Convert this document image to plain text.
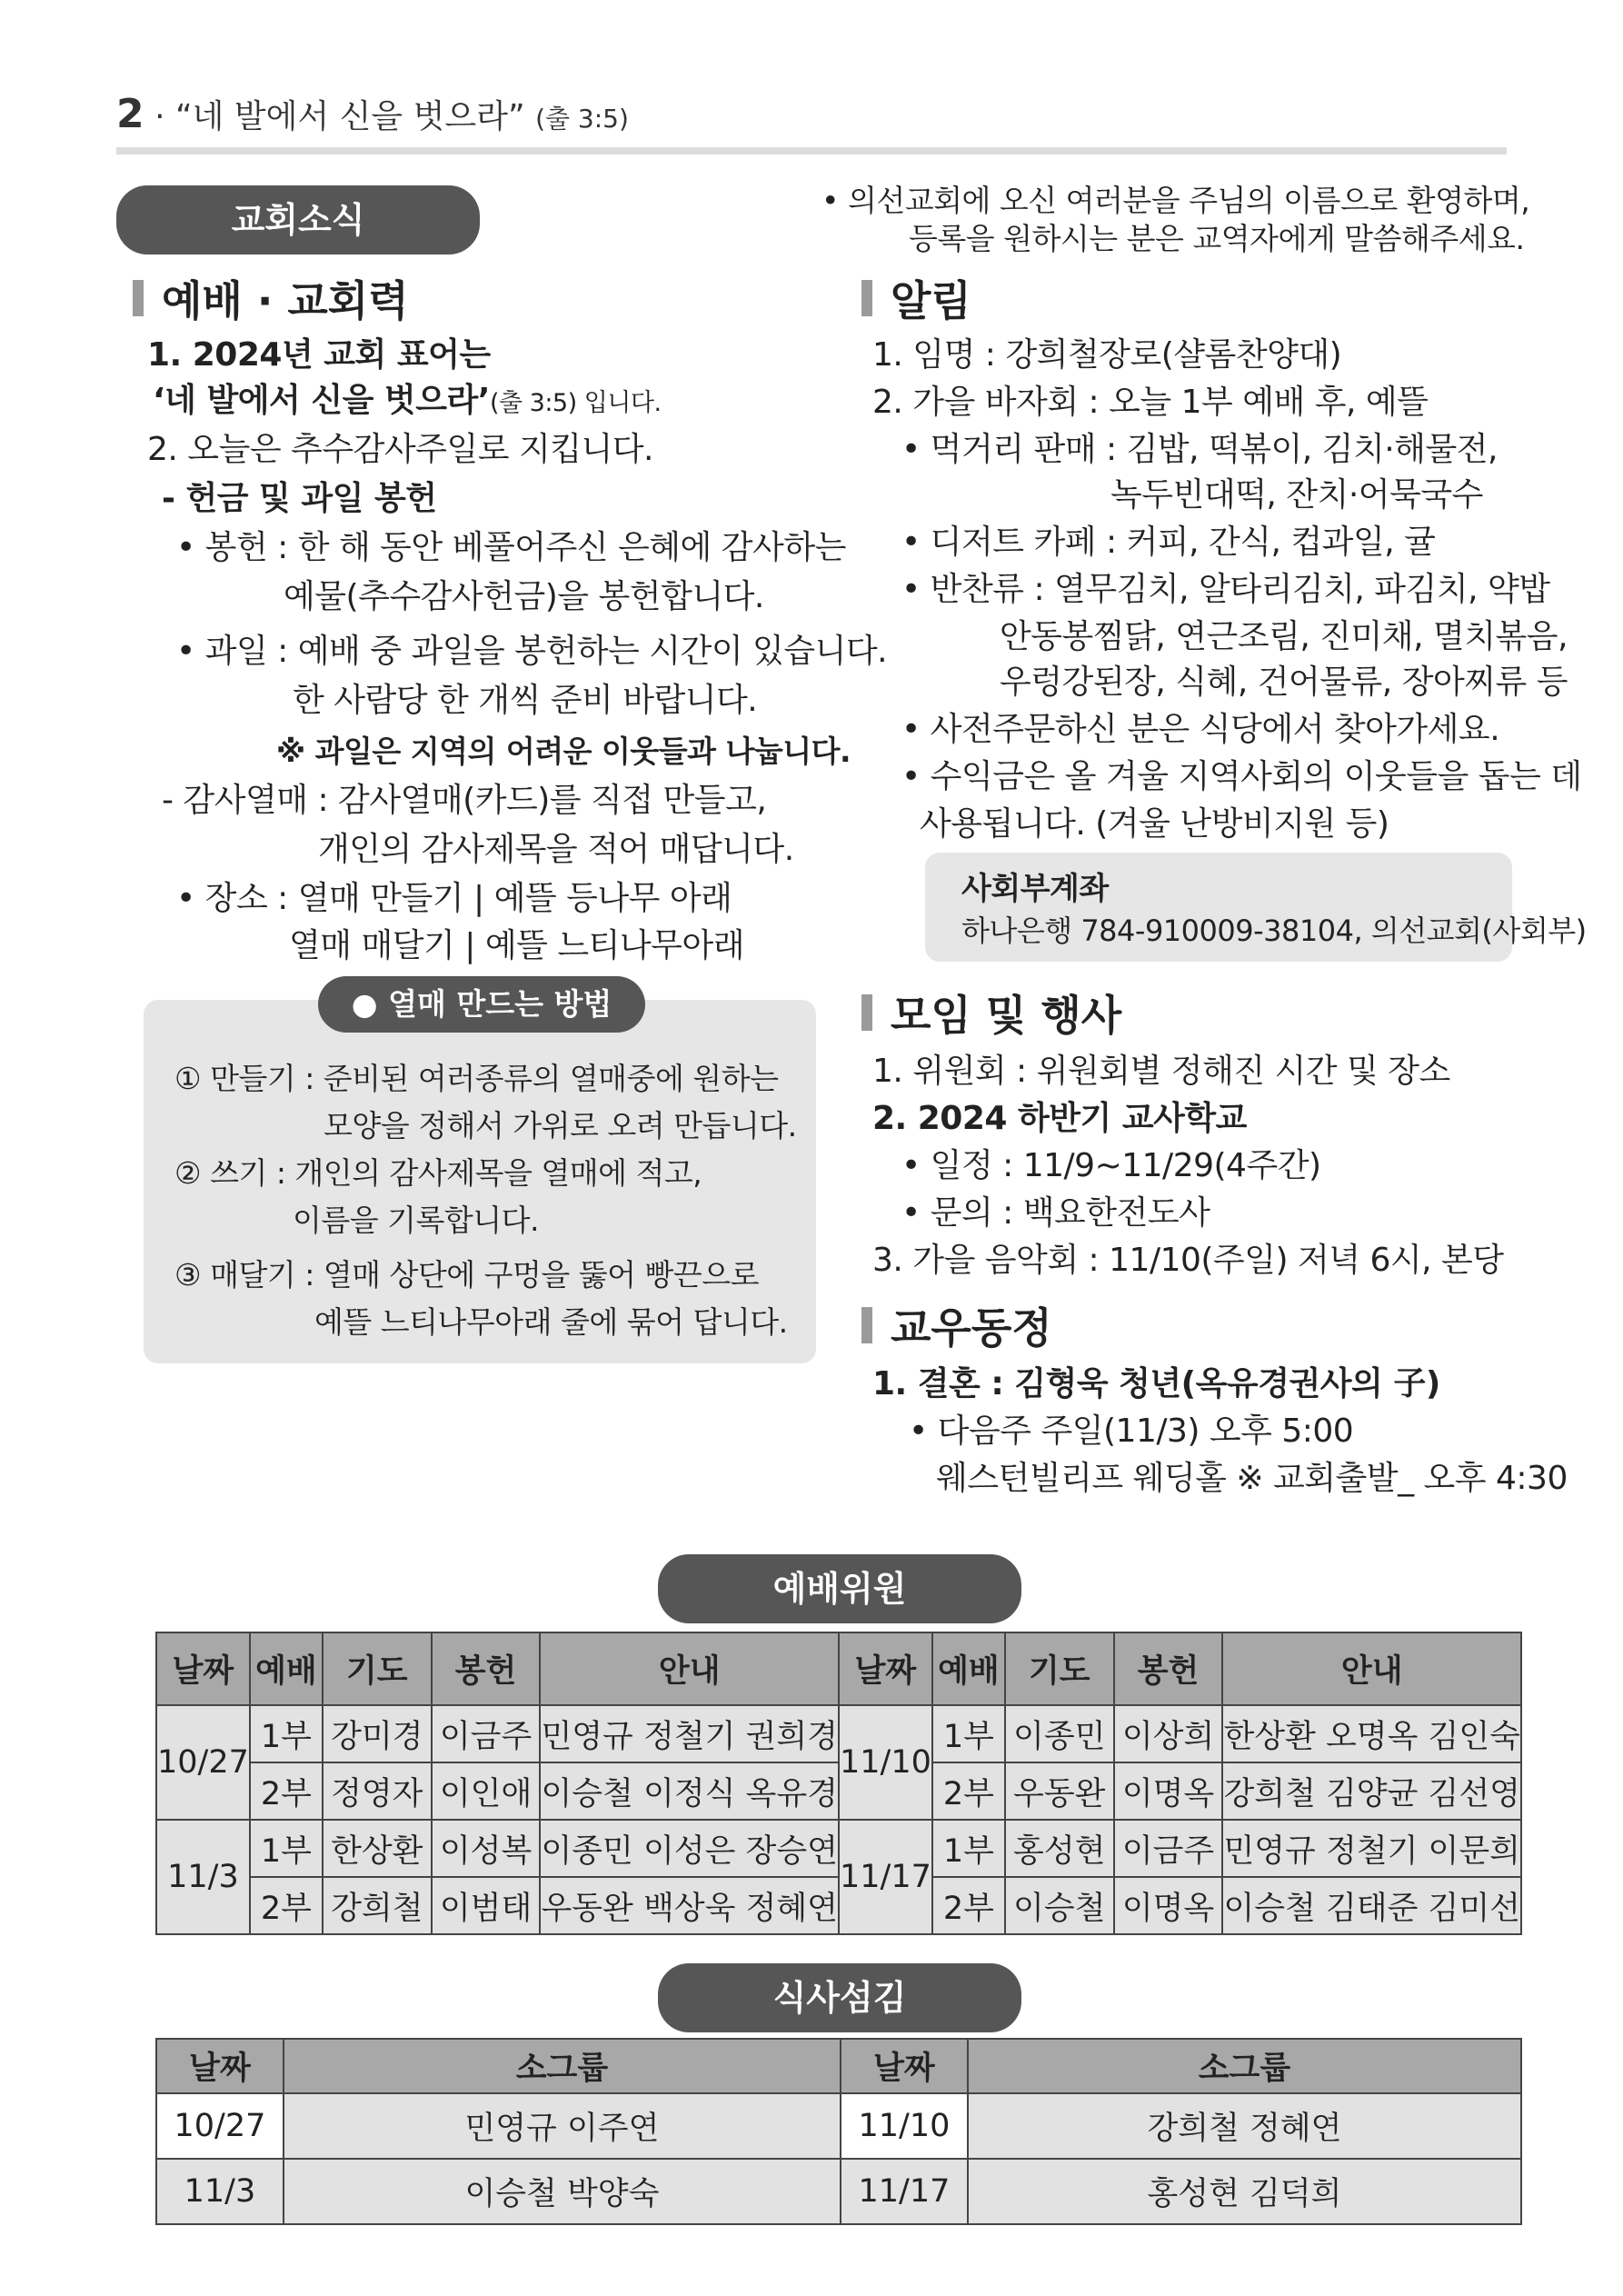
2 · “네 발에서 신을 벗으라” (출 3:5)
교회소식
예배 · 교회력
1. 2024년 교회 표어는
‘네 발에서 신을 벗으라’(출 3:5) 입니다.
2. 오늘은 추수감사주일로 지킵니다.
- 헌금 및 과일 봉헌
• 봉헌 : 한 해 동안 베풀어주신 은혜에 감사하는
예물(추수감사헌금)을 봉헌합니다.
• 과일 : 예배 중 과일을 봉헌하는 시간이 있습니다.
한 사람당 한 개씩 준비 바랍니다.
※ 과일은 지역의 어려운 이웃들과 나눕니다.
- 감사열매 : 감사열매(카드)를 직접 만들고,
개인의 감사제목을 적어 매답니다.
• 장소 : 열매 만들기 | 예뜰 등나무 아래
열매 매달기 | 예뜰 느티나무아래
● 열매 만드는 방법
① 만들기 : 준비된 여러종류의 열매중에 원하는
모양을 정해서 가위로 오려 만듭니다.
② 쓰기 : 개인의 감사제목을 열매에 적고,
이름을 기록합니다.
③ 매달기 : 열매 상단에 구멍을 뚫어 빵끈으로
예뜰 느티나무아래 줄에 묶어 답니다.
• 의선교회에 오신 여러분을 주님의 이름으로 환영하며,
등록을 원하시는 분은 교역자에게 말씀해주세요.
알림
1. 임명 : 강희철장로(샬롬찬양대)
2. 가을 바자회 : 오늘 1부 예배 후, 예뜰
• 먹거리 판매 : 김밥, 떡볶이, 김치·해물전,
녹두빈대떡, 잔치·어묵국수
• 디저트 카페 : 커피, 간식, 컵과일, 귤
• 반찬류 : 열무김치, 알타리김치, 파김치, 약밥
안동봉찜닭, 연근조림, 진미채, 멸치볶음,
우렁강된장, 식혜, 건어물류, 장아찌류 등
• 사전주문하신 분은 식당에서 찾아가세요.
• 수익금은 올 겨울 지역사회의 이웃들을 돕는 데
사용됩니다. (겨울 난방비지원 등)
사회부계좌
하나은행 784-910009-38104, 의선교회(사회부)
모임 및 행사
1. 위원회 : 위원회별 정해진 시간 및 장소
2. 2024 하반기 교사학교
• 일정 : 11/9~11/29(4주간)
• 문의 : 백요한전도사
3. 가을 음악회 : 11/10(주일) 저녁 6시, 본당
교우동정
1. 결혼 : 김형욱 청년(옥유경권사의 子)
• 다음주 주일(11/3) 오후 5:00
웨스턴빌리프 웨딩홀 ※ 교회출발_ 오후 4:30
예배위원
날짜	예배	기도	봉헌	안내	날짜	예배	기도	봉헌	안내
10/27	1부	강미경	이금주	민영규 정철기 권희경	11/10	1부	이종민	이상희	한상환 오명옥 김인숙
	2부	정영자	이인애	이승철 이정식 옥유경		2부	우동완	이명옥	강희철 김양균 김선영
11/3	1부	한상환	이성복	이종민 이성은 장승연	11/17	1부	홍성현	이금주	민영규 정철기 이문희
	2부	강희철	이범태	우동완 백상욱 정혜연		2부	이승철	이명옥	이승철 김태준 김미선
식사섬김
날짜	소그룹	날짜	소그룹
10/27	민영규 이주연	11/10	강희철 정혜연
11/3	이승철 박양숙	11/17	홍성현 김덕희
